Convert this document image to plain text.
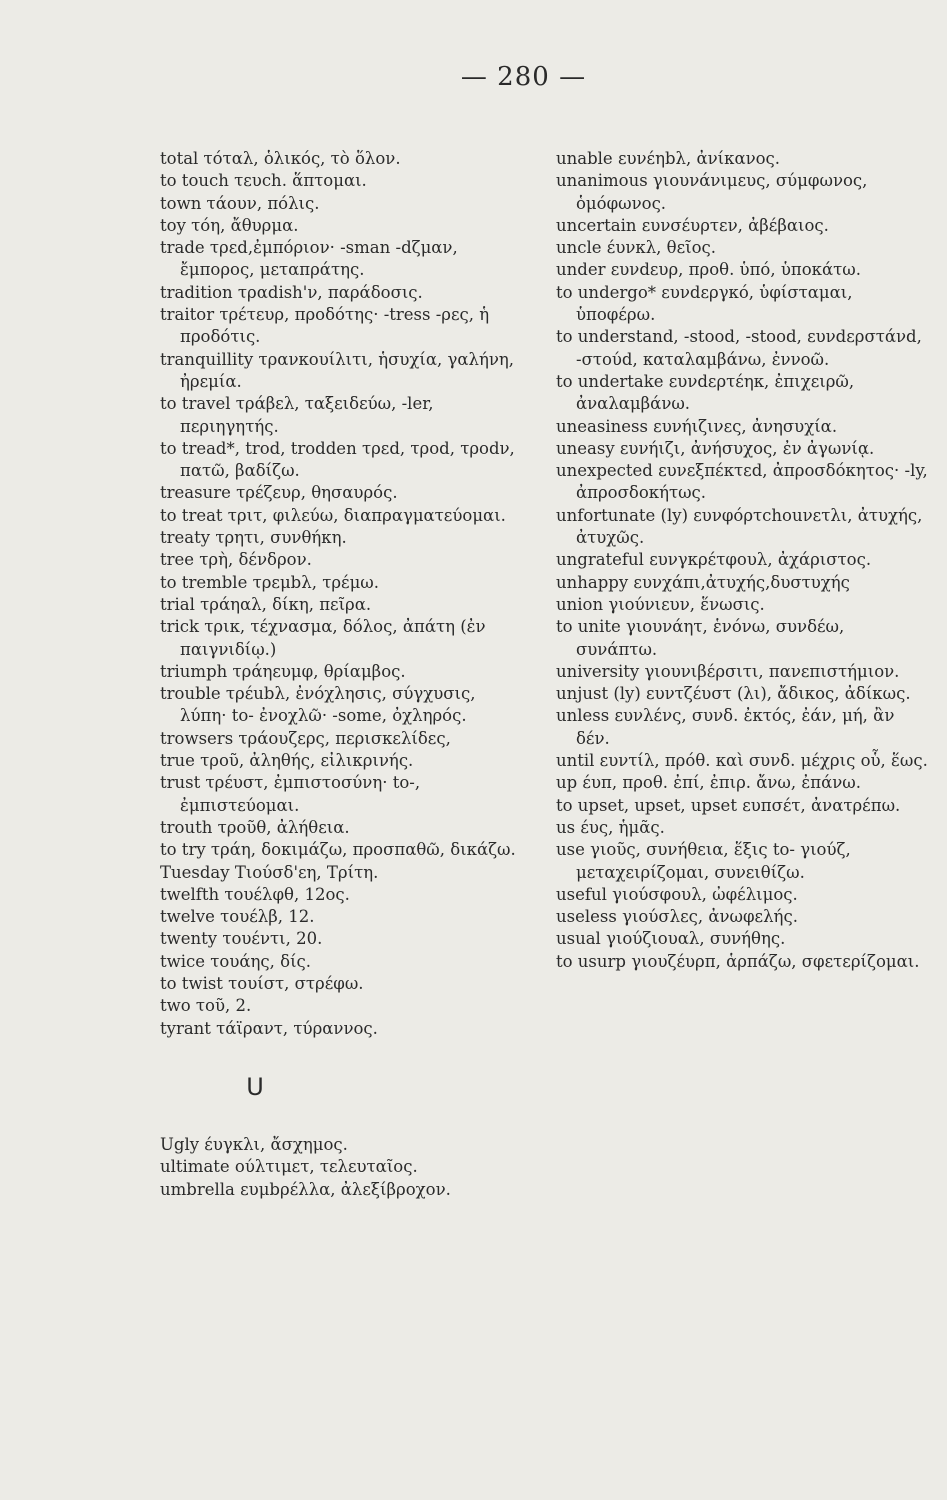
— 280 —

total τόταλ, ὁλικός, τὸ ὅλον.

to touch τευch. ἅπτομαι.

town τάουν, πόλις.

toy τόη, ἄθυρμα.

trade τρεd,ἐμπόριον· -sman -dζμαν, ἔμπορος, μεταπράτης.

tradition τραdish'ν, παράδοσις.

traitor τρέτευρ, προδότης· -tress -ρες, ἡ προδότις.

tranquillity τρανκουίλιτι, ἡσυχία, γαλήνη, ἠρεμία.

to travel τράβελ, ταξειδεύω, -ler, περιηγητής.

to tread*, trod, trodden τρεd, τροd, τροdν, πατῶ, βαδίζω.

treasure τρέζευρ, θησαυρός.

to treat τριτ, φιλεύω, διαπραγματεύομαι.

treaty τρητι, συνθήκη.

tree τρὴ, δένδρον.

to tremble τρεμbλ, τρέμω.

trial τράηαλ, δίκη, πεῖρα.

trick τρικ, τέχνασμα, δόλος, ἀπάτη (ἐν παιγνιδίῳ.)

triumph τράηευμφ, θρίαμβος.

trouble τρέubλ, ἐνόχλησις, σύγχυσις, λύπη· to- ἐνοχλῶ· -some, ὀχληρός.

trowsers τράουζερς, περισκελίδες,

true τροῦ, ἀληθής, εἰλικρινής.

trust τρέυστ, ἐμπιστοσύνη· to-, ἐμπιστεύομαι.

trouth τροῦθ, ἀλήθεια.

to try τράη, δοκιμάζω, προσπαθῶ, δικάζω.

Tuesday Τιούσδ'εη, Τρίτη.

twelfth τουέλφθ, 12ος.

twelve τουέλβ, 12.

twenty τουέντι, 20.

twice τουάης, δίς.

to twist τουίστ, στρέφω.

two τοῦ, 2.

tyrant τάϊραντ, τύραννος.

U

Ugly έυγκλι, ἄσχημος.

ultimate ούλτιμετ, τελευταῖος.

umbrella ευμbρέλλα, ἀλεξίβροχον.

unable ευνέηbλ, ἀνίκανος.

unanimous γιουνάνιμευς, σύμφωνος, ὁμόφωνος.

uncertain ευνσέυρτεν, ἀβέβαιος.

uncle έυνκλ, θεῖος.

under ευνdευρ, προθ. ὑπό, ὑποκάτω.

to undergo* ευνdεργκό, ὑφίσταμαι, ὑποφέρω.

to understand, -stood, -stood, ευνdερστάνd, -στούd, καταλαμβάνω, ἐννοῶ.

to undertake ευνdερτέηκ, ἐπιχειρῶ, ἀναλαμβάνω.

uneasiness ευνήιζινες, ἀνησυχία.

uneasy ευνήιζι, ἀνήσυχος, ἐν ἀγωνίᾳ.

unexpected ευνεξπέκτεd, ἀπροσδόκητος· -ly, ἀπροσδοκήτως.

unfortunate (ly) ευνφόρτchouνετλι, ἀτυχής, ἀτυχῶς.

ungrateful ευνγκρέτφουλ, ἀχάριστος.

unhappy ευνχάπι,ἀτυχής,δυστυχής

union γιούνιευν, ἕνωσις.

to unite γιουνάητ, ἑνόνω, συνδέω, συνάπτω.

university γιουνιβέρσιτι, πανεπιστήμιον.

unjust (ly) ευντζέυστ (λι), ἄδικος, ἀδίκως.

unless ευνλένς, συνδ. ἐκτός, ἐάν, μή, ἂν δέν.

until ευντίλ, πρόθ. καὶ συνδ. μέχρις οὗ, ἕως.

up έυπ, προθ. ἐπί, ἐπιρ. ἄνω, ἐπάνω.

to upset, upset, upset ευπσέτ, ἀνατρέπω.

us έυς, ἡμᾶς.

use γιοῦς, συνήθεια, ἕξις to- γιούζ, μεταχειρίζομαι, συνειθίζω.

useful γιούσφουλ, ὠφέλιμος.

useless γιούσλες, ἀνωφελής.

usual γιούζιουαλ, συνήθης.

to usurp γιουζέυρπ, ἁρπάζω, σφετερίζομαι.
